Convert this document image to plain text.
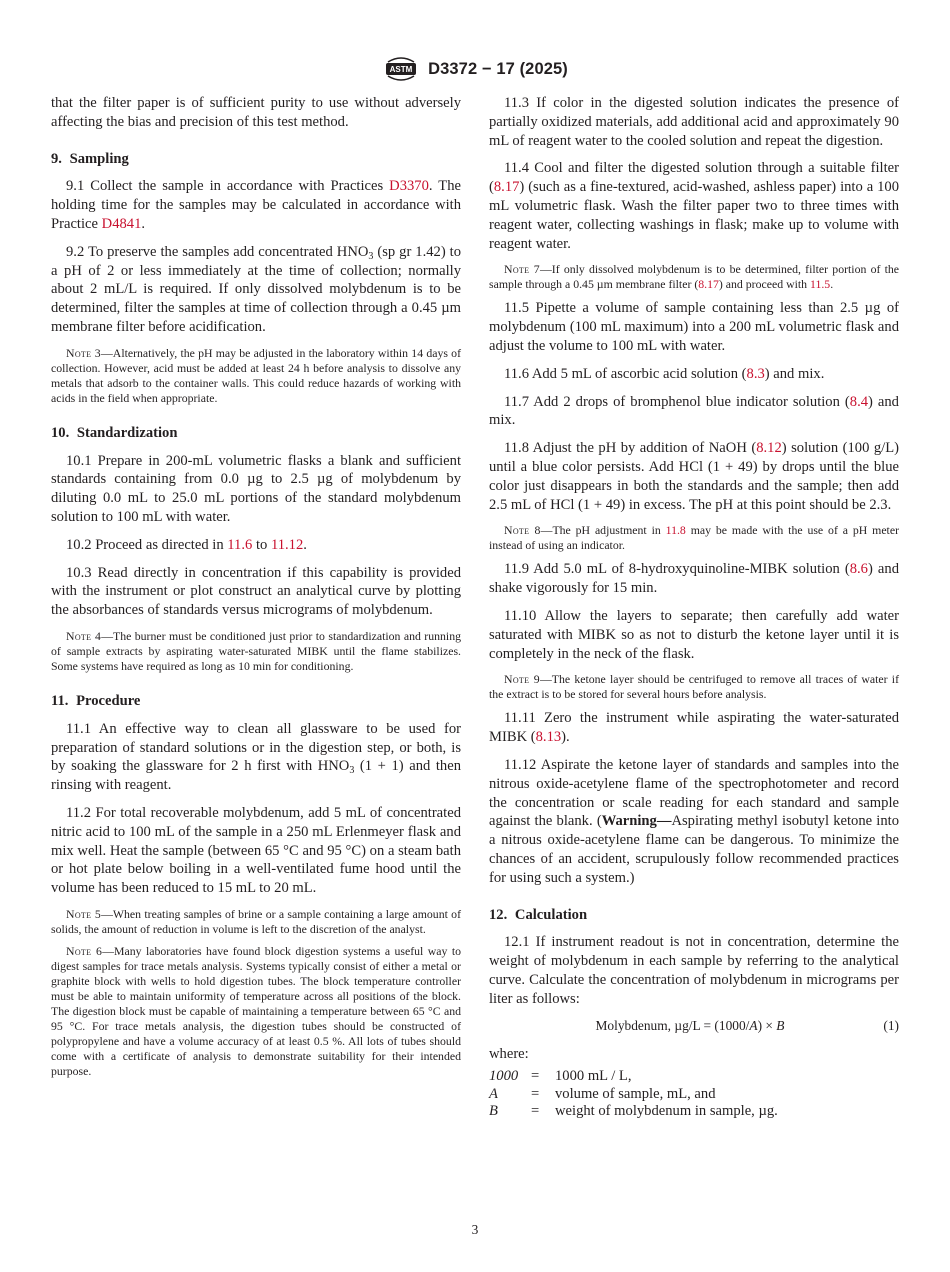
ASTM D3372 − 17 (2025)

that the filter paper is of sufficient purity to use without adversely affecting the bias and precision of this test method.

9. Sampling

9.1 Collect the sample in accordance with Practices D3370. The holding time for the samples may be calculated in accordance with Practice D4841.

9.2 To preserve the samples add concentrated $HNO_3$ (sp gr 1.42) to a pH of 2 or less immediately at the time of collection; normally about 2 mL/L is required. If only dissolved molybdenum is to be determined, filter the samples at time of collection through a 0.45 µm membrane filter before acidification.

Note 3—Alternatively, the pH may be adjusted in the laboratory within 14 days of collection. However, acid must be added at least 24 h before analysis to dissolve any metals that adsorb to the container walls. This could reduce hazards of working with acids in the field when appropriate.

10. Standardization

10.1 Prepare in 200-mL volumetric flasks a blank and sufficient standards containing from 0.0 µg to 2.5 µg of molybdenum by diluting 0.0 mL to 25.0 mL portions of the standard molybdenum solution to 100 mL with water.

10.2 Proceed as directed in 11.6 to 11.12.

10.3 Read directly in concentration if this capability is provided with the instrument or plot construct an analytical curve by plotting the absorbances of standards versus micrograms of molybdenum.

Note 4—The burner must be conditioned just prior to standardization and running of sample extracts by aspirating water-saturated MIBK until the flame stabilizes. Some systems have required as long as 10 min for conditioning.

11. Procedure

11.1 An effective way to clean all glassware to be used for preparation of standard solutions or in the digestion step, or both, is by soaking the glassware for 2 h first with $HNO_3$ (1 + 1) and then rinsing with reagent.

11.2 For total recoverable molybdenum, add 5 mL of concentrated nitric acid to 100 mL of the sample in a 250 mL Erlenmeyer flask and mix well. Heat the sample (between 65 °C and 95 °C) on a steam bath or hot plate below boiling in a well-ventilated fume hood until the volume has been reduced to 15 mL to 20 mL.

Note 5—When treating samples of brine or a sample containing a large amount of solids, the amount of reduction in volume is left to the discretion of the analyst.

Note 6—Many laboratories have found block digestion systems a useful way to digest samples for trace metals analysis. Systems typically consist of either a metal or graphite block with wells to hold digestion tubes. The block temperature controller must be able to maintain uniformity of temperature across all positions of the block. The digestion block must be capable of maintaining a temperature between 65 °C and 95 °C. For trace metals analysis, the digestion tubes should be constructed of polypropylene and have a volume accuracy of at least 0.5 %. All lots of tubes should come with a certificate of analysis to demonstrate suitability for their intended purpose.

11.3 If color in the digested solution indicates the presence of partially oxidized materials, add additional acid and approximately 90 mL of reagent water to the cooled solution and repeat the digestion.

11.4 Cool and filter the digested solution through a suitable filter (8.17) (such as a fine-textured, acid-washed, ashless paper) into a 100 mL volumetric flask. Wash the filter paper two to three times with reagent water, collecting washings in flask; make up to volume with reagent water.

Note 7—If only dissolved molybdenum is to be determined, filter portion of the sample through a 0.45 µm membrane filter (8.17) and proceed with 11.5.

11.5 Pipette a volume of sample containing less than 2.5 µg of molybdenum (100 mL maximum) into a 200 mL volumetric flask and adjust the volume to 100 mL with water.

11.6 Add 5 mL of ascorbic acid solution (8.3) and mix.

11.7 Add 2 drops of bromphenol blue indicator solution (8.4) and mix.

11.8 Adjust the pH by addition of NaOH (8.12) solution (100 g/L) until a blue color persists. Add HCl (1 + 49) by drops until the blue color just disappears in both the standards and the sample; then add 2.5 mL of HCl (1 + 49) in excess. The pH at this point should be 2.3.

Note 8—The pH adjustment in 11.8 may be made with the use of a pH meter instead of using an indicator.

11.9 Add 5.0 mL of 8-hydroxyquinoline-MIBK solution (8.6) and shake vigorously for 15 min.

11.10 Allow the layers to separate; then carefully add water saturated with MIBK so as not to disturb the ketone layer until it is completely in the neck of the flask.

Note 9—The ketone layer should be centrifuged to remove all traces of water if the extract is to be stored for several hours before analysis.

11.11 Zero the instrument while aspirating the water-saturated MIBK (8.13).

11.12 Aspirate the ketone layer of standards and samples into the nitrous oxide-acetylene flame of the spectrophotometer and record the concentration or scale reading for each standard and sample against the blank. (Warning—Aspirating methyl isobutyl ketone into a nitrous oxide-acetylene flame can be dangerous. To minimize the chances of an accident, scrupulously follow recommended practices for using such a system.)

12. Calculation

12.1 If instrument readout is not in concentration, determine the weight of molybdenum in each sample by referring to the analytical curve. Calculate the concentration of molybdenum in micrograms per liter as follows:

Molybdenum, µg/L = (1000/A) × B	(1)

where:

1000 =	1000 mL / L,
A	=	volume of sample, mL, and
B	=	weight of molybdenum in sample, µg.
3
